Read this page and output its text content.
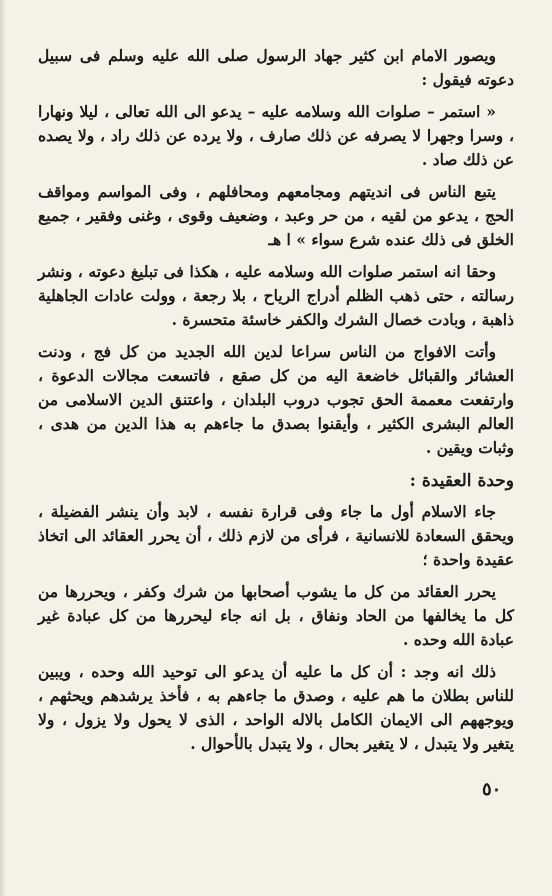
ويصور الامام ابن كثير جهاد الرسول صلى الله عليه وسلم فى سبيل دعوته فيقول :

« استمر – صلوات الله وسلامه عليه – يدعو الى الله تعالى ، ليلا ونهارا ، وسرا وجهرا لا يصرفه عن ذلك صارف ، ولا يرده عن ذلك راد ، ولا يصده عن ذلك صاد .

يتبع الناس فى انديتهم ومجامعهم ومحافلهم ، وفى المواسم ومواقف الحج ، يدعو من لقيه ، من حر وعبد ، وضعيف وقوى ، وغنى وفقير ، جميع الخلق فى ذلك عنده شرع سواء » ا هـ

وحقا انه استمر صلوات الله وسلامه عليه ، هكذا فى تبليغ دعوته ، ونشر رسالته ، حتى ذهب الظلم أدراج الرياح ، بلا رجعة ، وولت عادات الجاهلية ذاهبة ، وبادت خصال الشرك والكفر خاسئة متحسرة .

وأتت الافواج من الناس سراعا لدين الله الجديد من كل فج ، ودنت العشائر والقبائل خاضعة اليه من كل صقع ، فاتسعت مجالات الدعوة ، وارتفعت معممة الحق تجوب دروب البلدان ، واعتنق الدين الاسلامى من العالم البشرى الكثير ، وأيقنوا بصدق ما جاءهم به هذا الدين من هدى ، وثبات ويقين .

وحدة العقيدة :

جاء الاسلام أول ما جاء وفى قرارة نفسه ، لابد وأن ينشر الفضيلة ، ويحقق السعادة للانسانية ، فرأى من لازم ذلك ، أن يحرر العقائد الى اتخاذ عقيدة واحدة ؛

يحرر العقائد من كل ما يشوب أصحابها من شرك وكفر ، ويحررها من كل ما يخالفها من الحاد ونفاق ، بل انه جاء ليحررها من كل عبادة غير عبادة الله وحده .

ذلك انه وجد : أن كل ما عليه أن يدعو الى توحيد الله وحده ، ويبين للناس بطلان ما هم عليه ، وصدق ما جاءهم به ، فأخذ يرشدهم ويحثهم ، ويوجههم الى الايمان الكامل بالاله الواحد ، الذى لا يحول ولا يزول ، ولا يتغير ولا يتبدل ، لا يتغير بحال ، ولا يتبدل بالأحوال .

٥٠
